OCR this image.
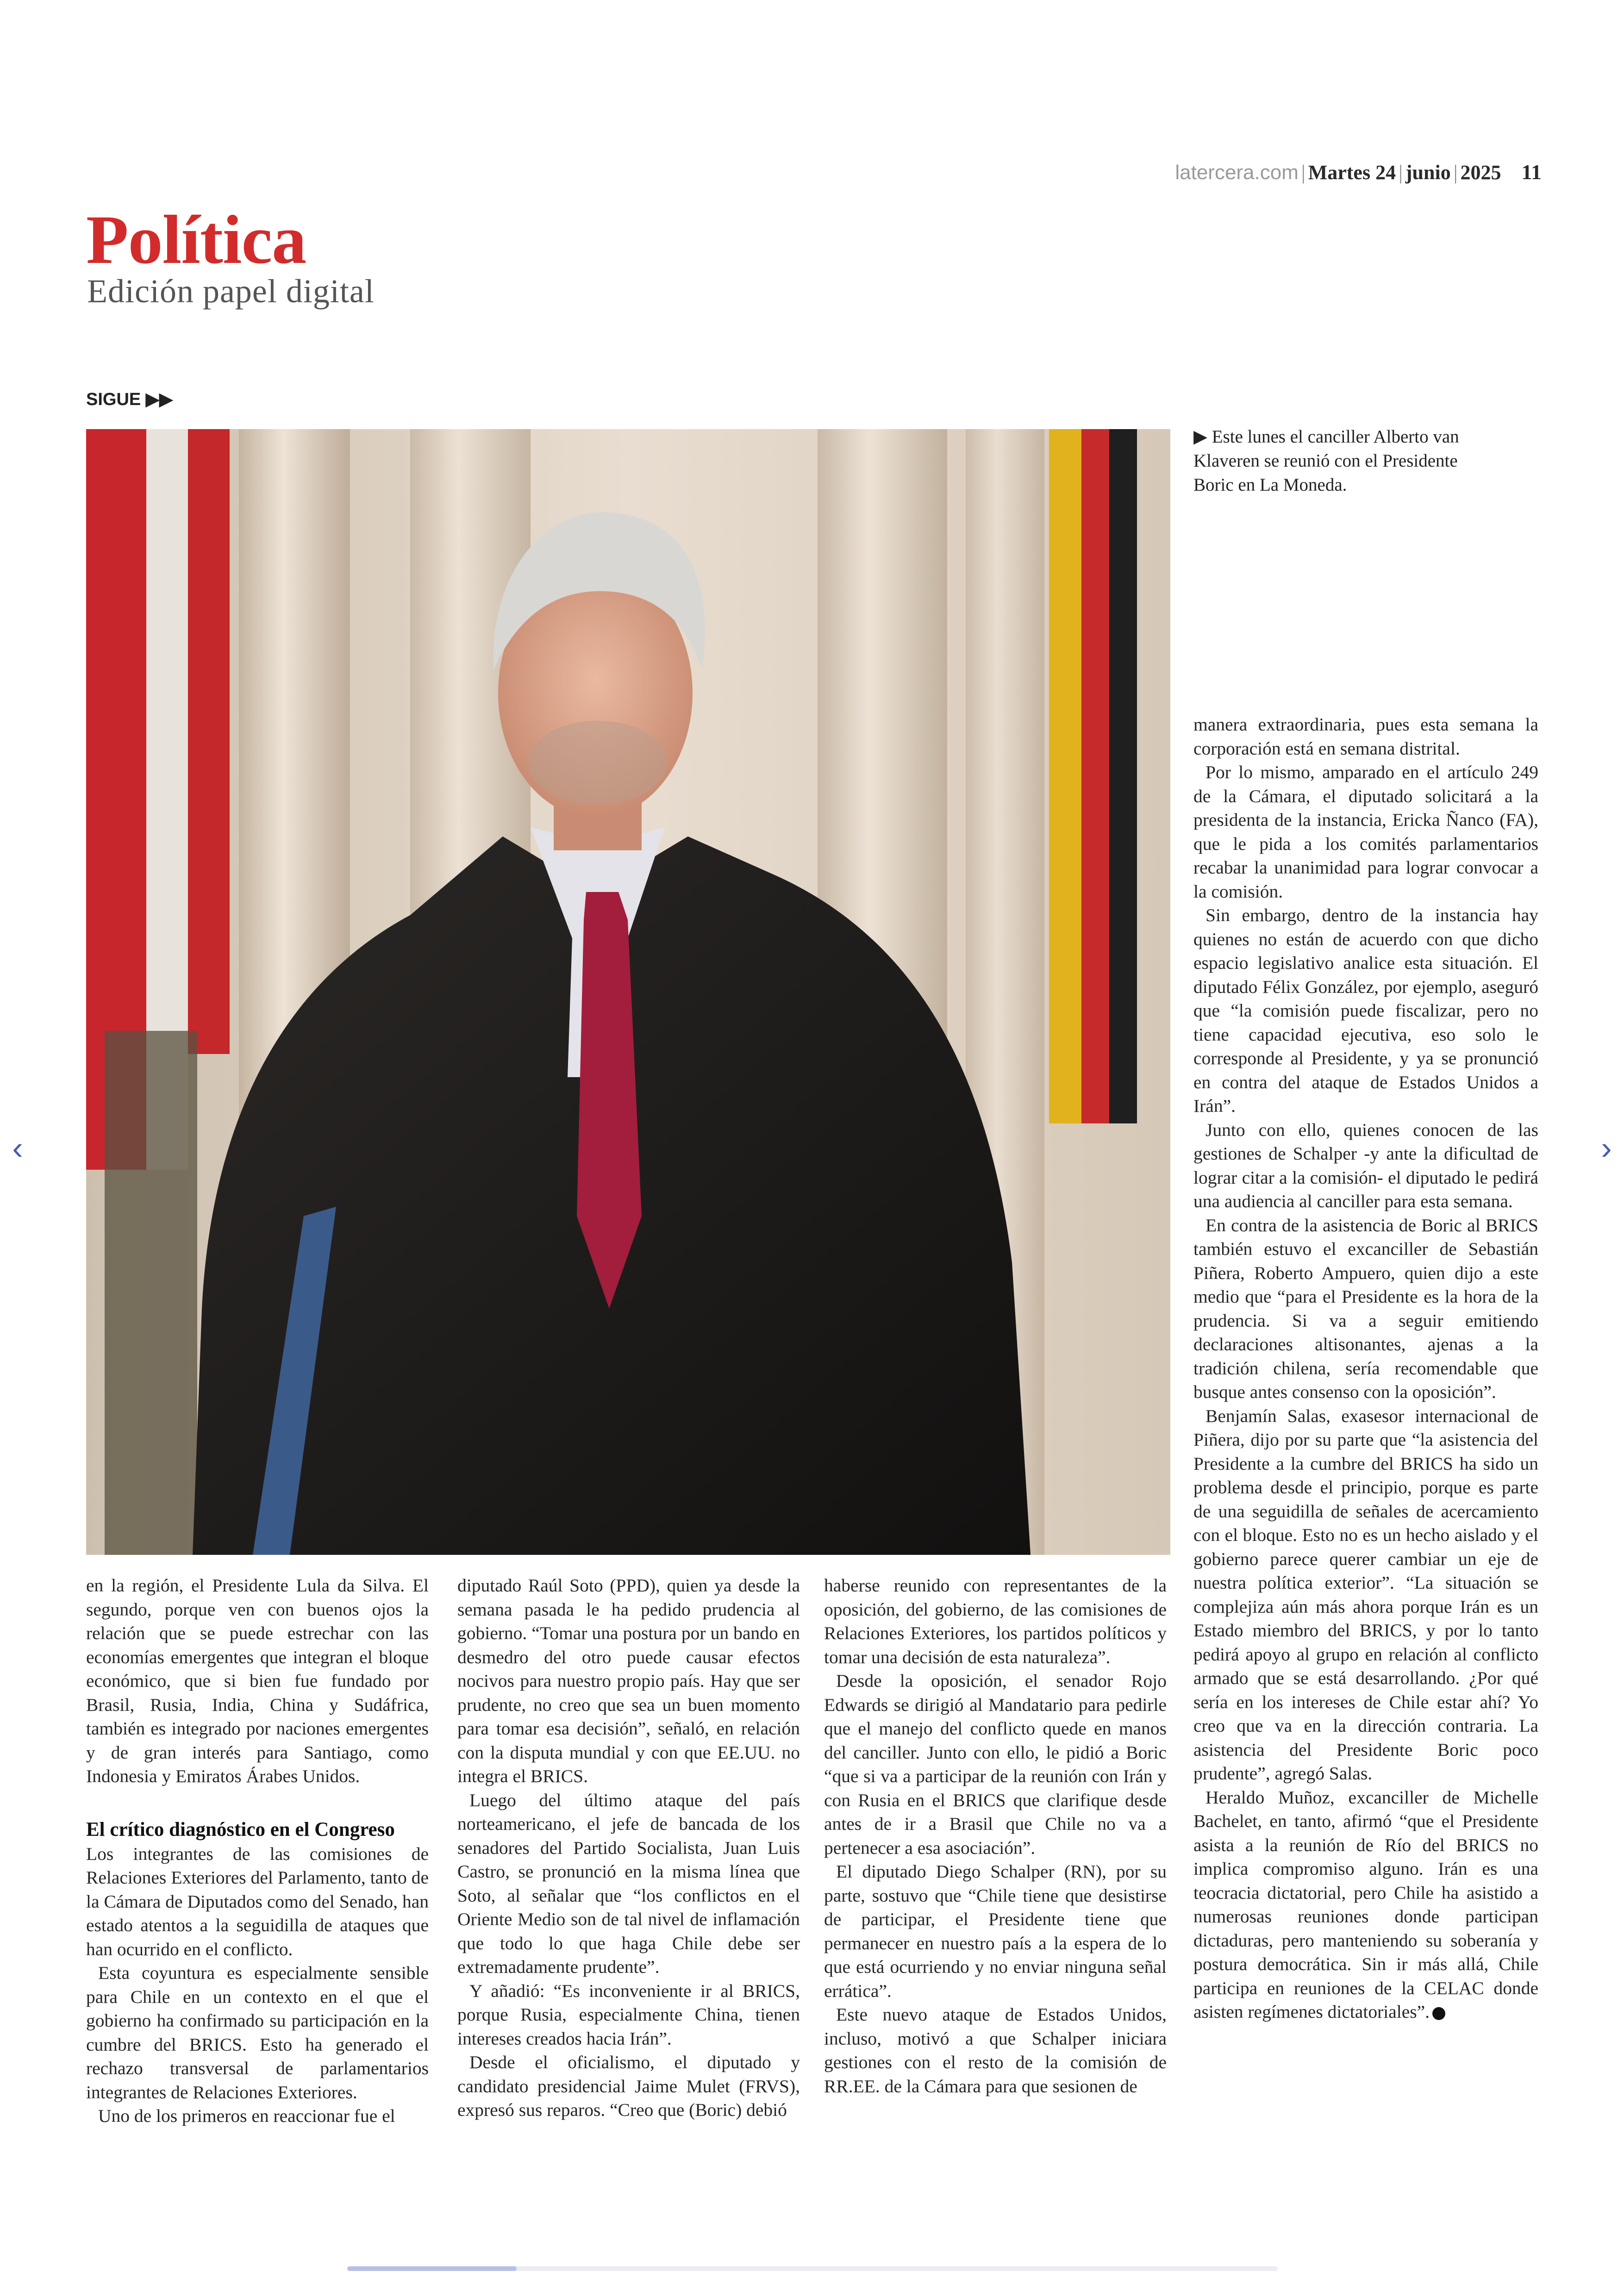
latercera.com | Martes 24 | junio | 2025 11
Política
Edición papel digital
SIGUE ▶▶
▶ Este lunes el canciller Alberto van Klaveren se reunió con el Presidente Boric en La Moneda.

en la región, el Presidente Lula da Silva. El segundo, porque ven con buenos ojos la relación que se puede estrechar con las economías emergentes que integran el bloque económico, que si bien fue fundado por Brasil, Rusia, India, China y Sudáfrica, también es integrado por naciones emergentes y de gran interés para Santiago, como Indonesia y Emiratos Árabes Unidos.

El crítico diagnóstico en el Congreso

Los integrantes de las comisiones de Relaciones Exteriores del Parlamento, tanto de la Cámara de Diputados como del Senado, han estado atentos a la seguidilla de ataques que han ocurrido en el conflicto.

Esta coyuntura es especialmente sensible para Chile en un contexto en el que el gobierno ha confirmado su participación en la cumbre del BRICS. Esto ha generado el rechazo transversal de parlamentarios integrantes de Relaciones Exteriores.

Uno de los primeros en reaccionar fue el

diputado Raúl Soto (PPD), quien ya desde la semana pasada le ha pedido prudencia al gobierno. “Tomar una postura por un bando en desmedro del otro puede causar efectos nocivos para nuestro propio país. Hay que ser prudente, no creo que sea un buen momento para tomar esa decisión”, señaló, en relación con la disputa mundial y con que EE.UU. no integra el BRICS.

Luego del último ataque del país norteamericano, el jefe de bancada de los senadores del Partido Socialista, Juan Luis Castro, se pronunció en la misma línea que Soto, al señalar que “los conflictos en el Oriente Medio son de tal nivel de inflamación que todo lo que haga Chile debe ser extremadamente prudente”.

Y añadió: “Es inconveniente ir al BRICS, porque Rusia, especialmente China, tienen intereses creados hacia Irán”.

Desde el oficialismo, el diputado y candidato presidencial Jaime Mulet (FRVS), expresó sus reparos. “Creo que (Boric) debió

haberse reunido con representantes de la oposición, del gobierno, de las comisiones de Relaciones Exteriores, los partidos políticos y tomar una decisión de esta naturaleza”.

Desde la oposición, el senador Rojo Edwards se dirigió al Mandatario para pedirle que el manejo del conflicto quede en manos del canciller. Junto con ello, le pidió a Boric “que si va a participar de la reunión con Irán y con Rusia en el BRICS que clarifique desde antes de ir a Brasil que Chile no va a pertenecer a esa asociación”.

El diputado Diego Schalper (RN), por su parte, sostuvo que “Chile tiene que desistirse de participar, el Presidente tiene que permanecer en nuestro país a la espera de lo que está ocurriendo y no enviar ninguna señal errática”.

Este nuevo ataque de Estados Unidos, incluso, motivó a que Schalper iniciara gestiones con el resto de la comisión de RR.EE. de la Cámara para que sesionen de

manera extraordinaria, pues esta semana la corporación está en semana distrital.

Por lo mismo, amparado en el artículo 249 de la Cámara, el diputado solicitará a la presidenta de la instancia, Ericka Ñanco (FA), que le pida a los comités parlamentarios recabar la unanimidad para lograr convocar a la comisión.

Sin embargo, dentro de la instancia hay quienes no están de acuerdo con que dicho espacio legislativo analice esta situación. El diputado Félix González, por ejemplo, aseguró que “la comisión puede fiscalizar, pero no tiene capacidad ejecutiva, eso solo le corresponde al Presidente, y ya se pronunció en contra del ataque de Estados Unidos a Irán”.

Junto con ello, quienes conocen de las gestiones de Schalper -y ante la dificultad de lograr citar a la comisión- el diputado le pedirá una audiencia al canciller para esta semana.

En contra de la asistencia de Boric al BRICS también estuvo el excanciller de Sebastián Piñera, Roberto Ampuero, quien dijo a este medio que “para el Presidente es la hora de la prudencia. Si va a seguir emitiendo declaraciones altisonantes, ajenas a la tradición chilena, sería recomendable que busque antes consenso con la oposición”.

Benjamín Salas, exasesor internacional de Piñera, dijo por su parte que “la asistencia del Presidente a la cumbre del BRICS ha sido un problema desde el principio, porque es parte de una seguidilla de señales de acercamiento con el bloque. Esto no es un hecho aislado y el gobierno parece querer cambiar un eje de nuestra política exterior”. “La situación se complejiza aún más ahora porque Irán es un Estado miembro del BRICS, y por lo tanto pedirá apoyo al grupo en relación al conflicto armado que se está desarrollando. ¿Por qué sería en los intereses de Chile estar ahí? Yo creo que va en la dirección contraria. La asistencia del Presidente Boric poco prudente”, agregó Salas.

Heraldo Muñoz, excanciller de Michelle Bachelet, en tanto, afirmó “que el Presidente asista a la reunión de Río del BRICS no implica compromiso alguno. Irán es una teocracia dictatorial, pero Chile ha asistido a numerosas reuniones donde participan dictaduras, pero manteniendo su soberanía y postura democrática. Sin ir más allá, Chile participa en reuniones de la CELAC donde asisten regímenes dictatoriales”.

‹	›
